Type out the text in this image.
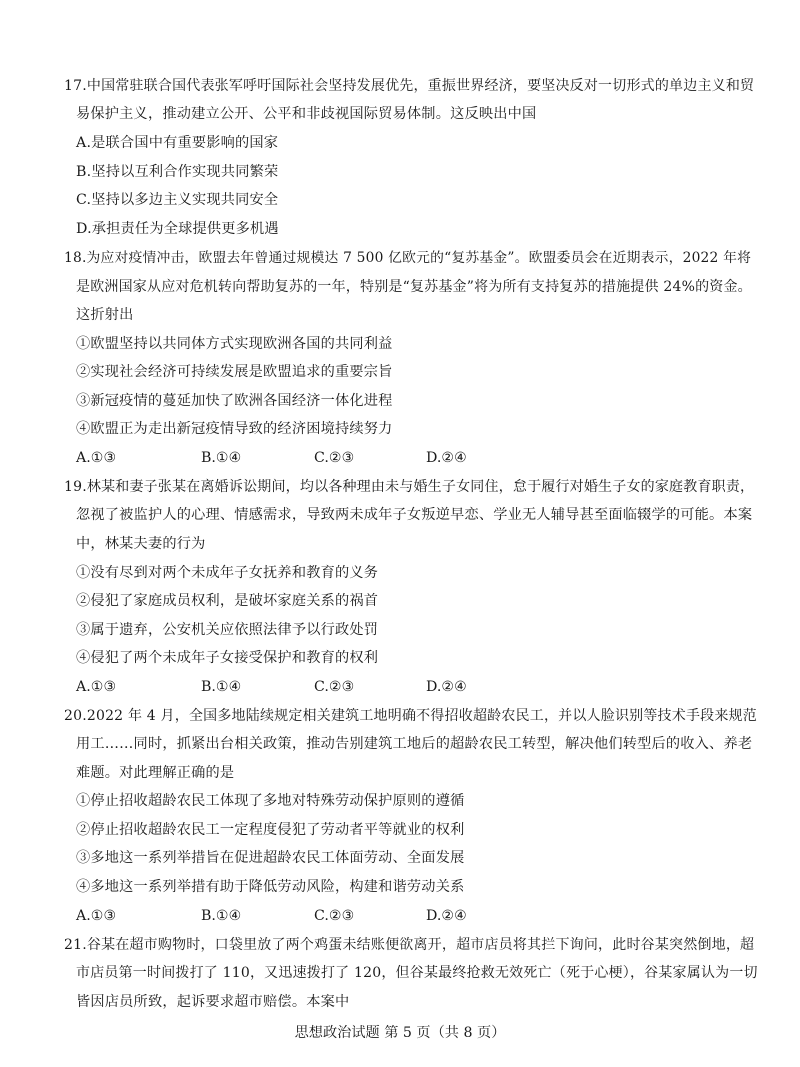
17.中国常驻联合国代表张军呼吁国际社会坚持发展优先，重振世界经济，要坚决反对一切形式的单边主义和贸
易保护主义，推动建立公开、公平和非歧视国际贸易体制。这反映出中国
A.是联合国中有重要影响的国家
B.坚持以互利合作实现共同繁荣
C.坚持以多边主义实现共同安全
D.承担责任为全球提供更多机遇
18.为应对疫情冲击，欧盟去年曾通过规模达 7 500 亿欧元的“复苏基金”。欧盟委员会在近期表示，2022 年将
是欧洲国家从应对危机转向帮助复苏的一年，特别是“复苏基金”将为所有支持复苏的措施提供 24%的资金。
这折射出
①欧盟坚持以共同体方式实现欧洲各国的共同利益
②实现社会经济可持续发展是欧盟追求的重要宗旨
③新冠疫情的蔓延加快了欧洲各国经济一体化进程
④欧盟正为走出新冠疫情导致的经济困境持续努力
A.①③	B.①④	C.②③	D.②④
19.林某和妻子张某在离婚诉讼期间，均以各种理由未与婚生子女同住，怠于履行对婚生子女的家庭教育职责，
忽视了被监护人的心理、情感需求，导致两未成年子女叛逆早恋、学业无人辅导甚至面临辍学的可能。本案
中，林某夫妻的行为
①没有尽到对两个未成年子女抚养和教育的义务
②侵犯了家庭成员权利，是破坏家庭关系的祸首
③属于遗弃，公安机关应依照法律予以行政处罚
④侵犯了两个未成年子女接受保护和教育的权利
A.①③	B.①④	C.②③	D.②④
20.2022 年 4 月，全国多地陆续规定相关建筑工地明确不得招收超龄农民工，并以人脸识别等技术手段来规范
用工……同时，抓紧出台相关政策，推动告别建筑工地后的超龄农民工转型，解决他们转型后的收入、养老
难题。对此理解正确的是
①停止招收超龄农民工体现了多地对特殊劳动保护原则的遵循
②停止招收超龄农民工一定程度侵犯了劳动者平等就业的权利
③多地这一系列举措旨在促进超龄农民工体面劳动、全面发展
④多地这一系列举措有助于降低劳动风险，构建和谐劳动关系
A.①③	B.①④	C.②③	D.②④
21.谷某在超市购物时，口袋里放了两个鸡蛋未结账便欲离开，超市店员将其拦下询问，此时谷某突然倒地，超
市店员第一时间拨打了 110，又迅速拨打了 120，但谷某最终抢救无效死亡（死于心梗），谷某家属认为一切
皆因店员所致，起诉要求超市赔偿。本案中
思想政治试题 第 5 页（共 8 页）
